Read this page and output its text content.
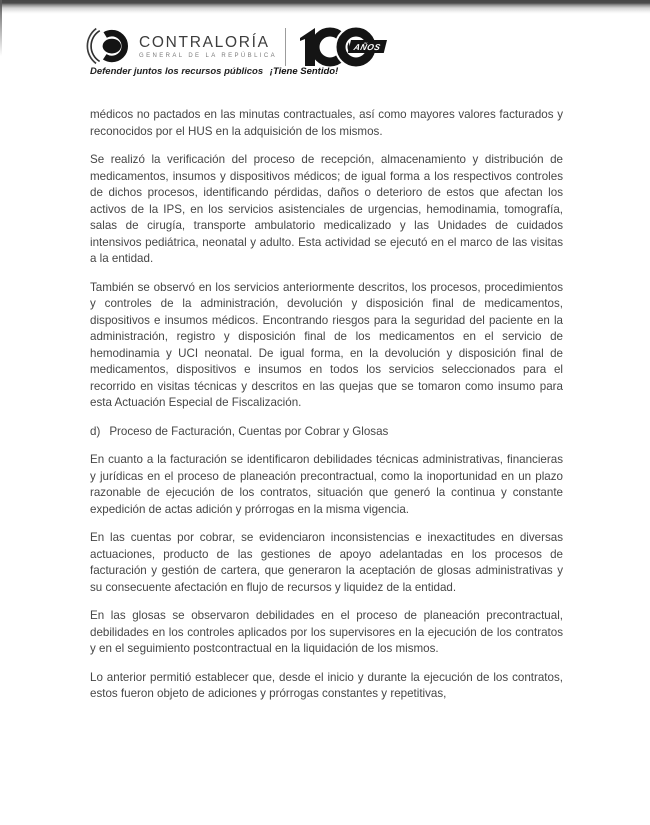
CONTRALORÍA
GENERAL DE LA REPÚBLICA
AÑOS
Defender juntos los recursos públicos ¡Tiene Sentido!

médicos no pactados en las minutas contractuales, así como mayores valores facturados y reconocidos por el HUS en la adquisición de los mismos.

Se realizó la verificación del proceso de recepción, almacenamiento y distribución de medicamentos, insumos y dispositivos médicos; de igual forma a los respectivos controles de dichos procesos, identificando pérdidas, daños o deterioro de estos que afectan los activos de la IPS, en los servicios asistenciales de urgencias, hemodinamia, tomografía, salas de cirugía, transporte ambulatorio medicalizado y las Unidades de cuidados intensivos pediátrica, neonatal y adulto. Esta actividad se ejecutó en el marco de las visitas a la entidad.

También se observó en los servicios anteriormente descritos, los procesos, procedimientos y controles de la administración, devolución y disposición final de medicamentos, dispositivos e insumos médicos. Encontrando riesgos para la seguridad del paciente en la administración, registro y disposición final de los medicamentos en el servicio de hemodinamia y UCI neonatal. De igual forma, en la devolución y disposición final de medicamentos, dispositivos e insumos en todos los servicios seleccionados para el recorrido en visitas técnicas y descritos en las quejas que se tomaron como insumo para esta Actuación Especial de Fiscalización.

d) Proceso de Facturación, Cuentas por Cobrar y Glosas

En cuanto a la facturación se identificaron debilidades técnicas administrativas, financieras y jurídicas en el proceso de planeación precontractual, como la inoportunidad en un plazo razonable de ejecución de los contratos, situación que generó la continua y constante expedición de actas adición y prórrogas en la misma vigencia.

En las cuentas por cobrar, se evidenciaron inconsistencias e inexactitudes en diversas actuaciones, producto de las gestiones de apoyo adelantadas en los procesos de facturación y gestión de cartera, que generaron la aceptación de glosas administrativas y su consecuente afectación en flujo de recursos y liquidez de la entidad.

En las glosas se observaron debilidades en el proceso de planeación precontractual, debilidades en los controles aplicados por los supervisores en la ejecución de los contratos y en el seguimiento postcontractual en la liquidación de los mismos.

Lo anterior permitió establecer que, desde el inicio y durante la ejecución de los contratos, estos fueron objeto de adiciones y prórrogas constantes y repetitivas,
